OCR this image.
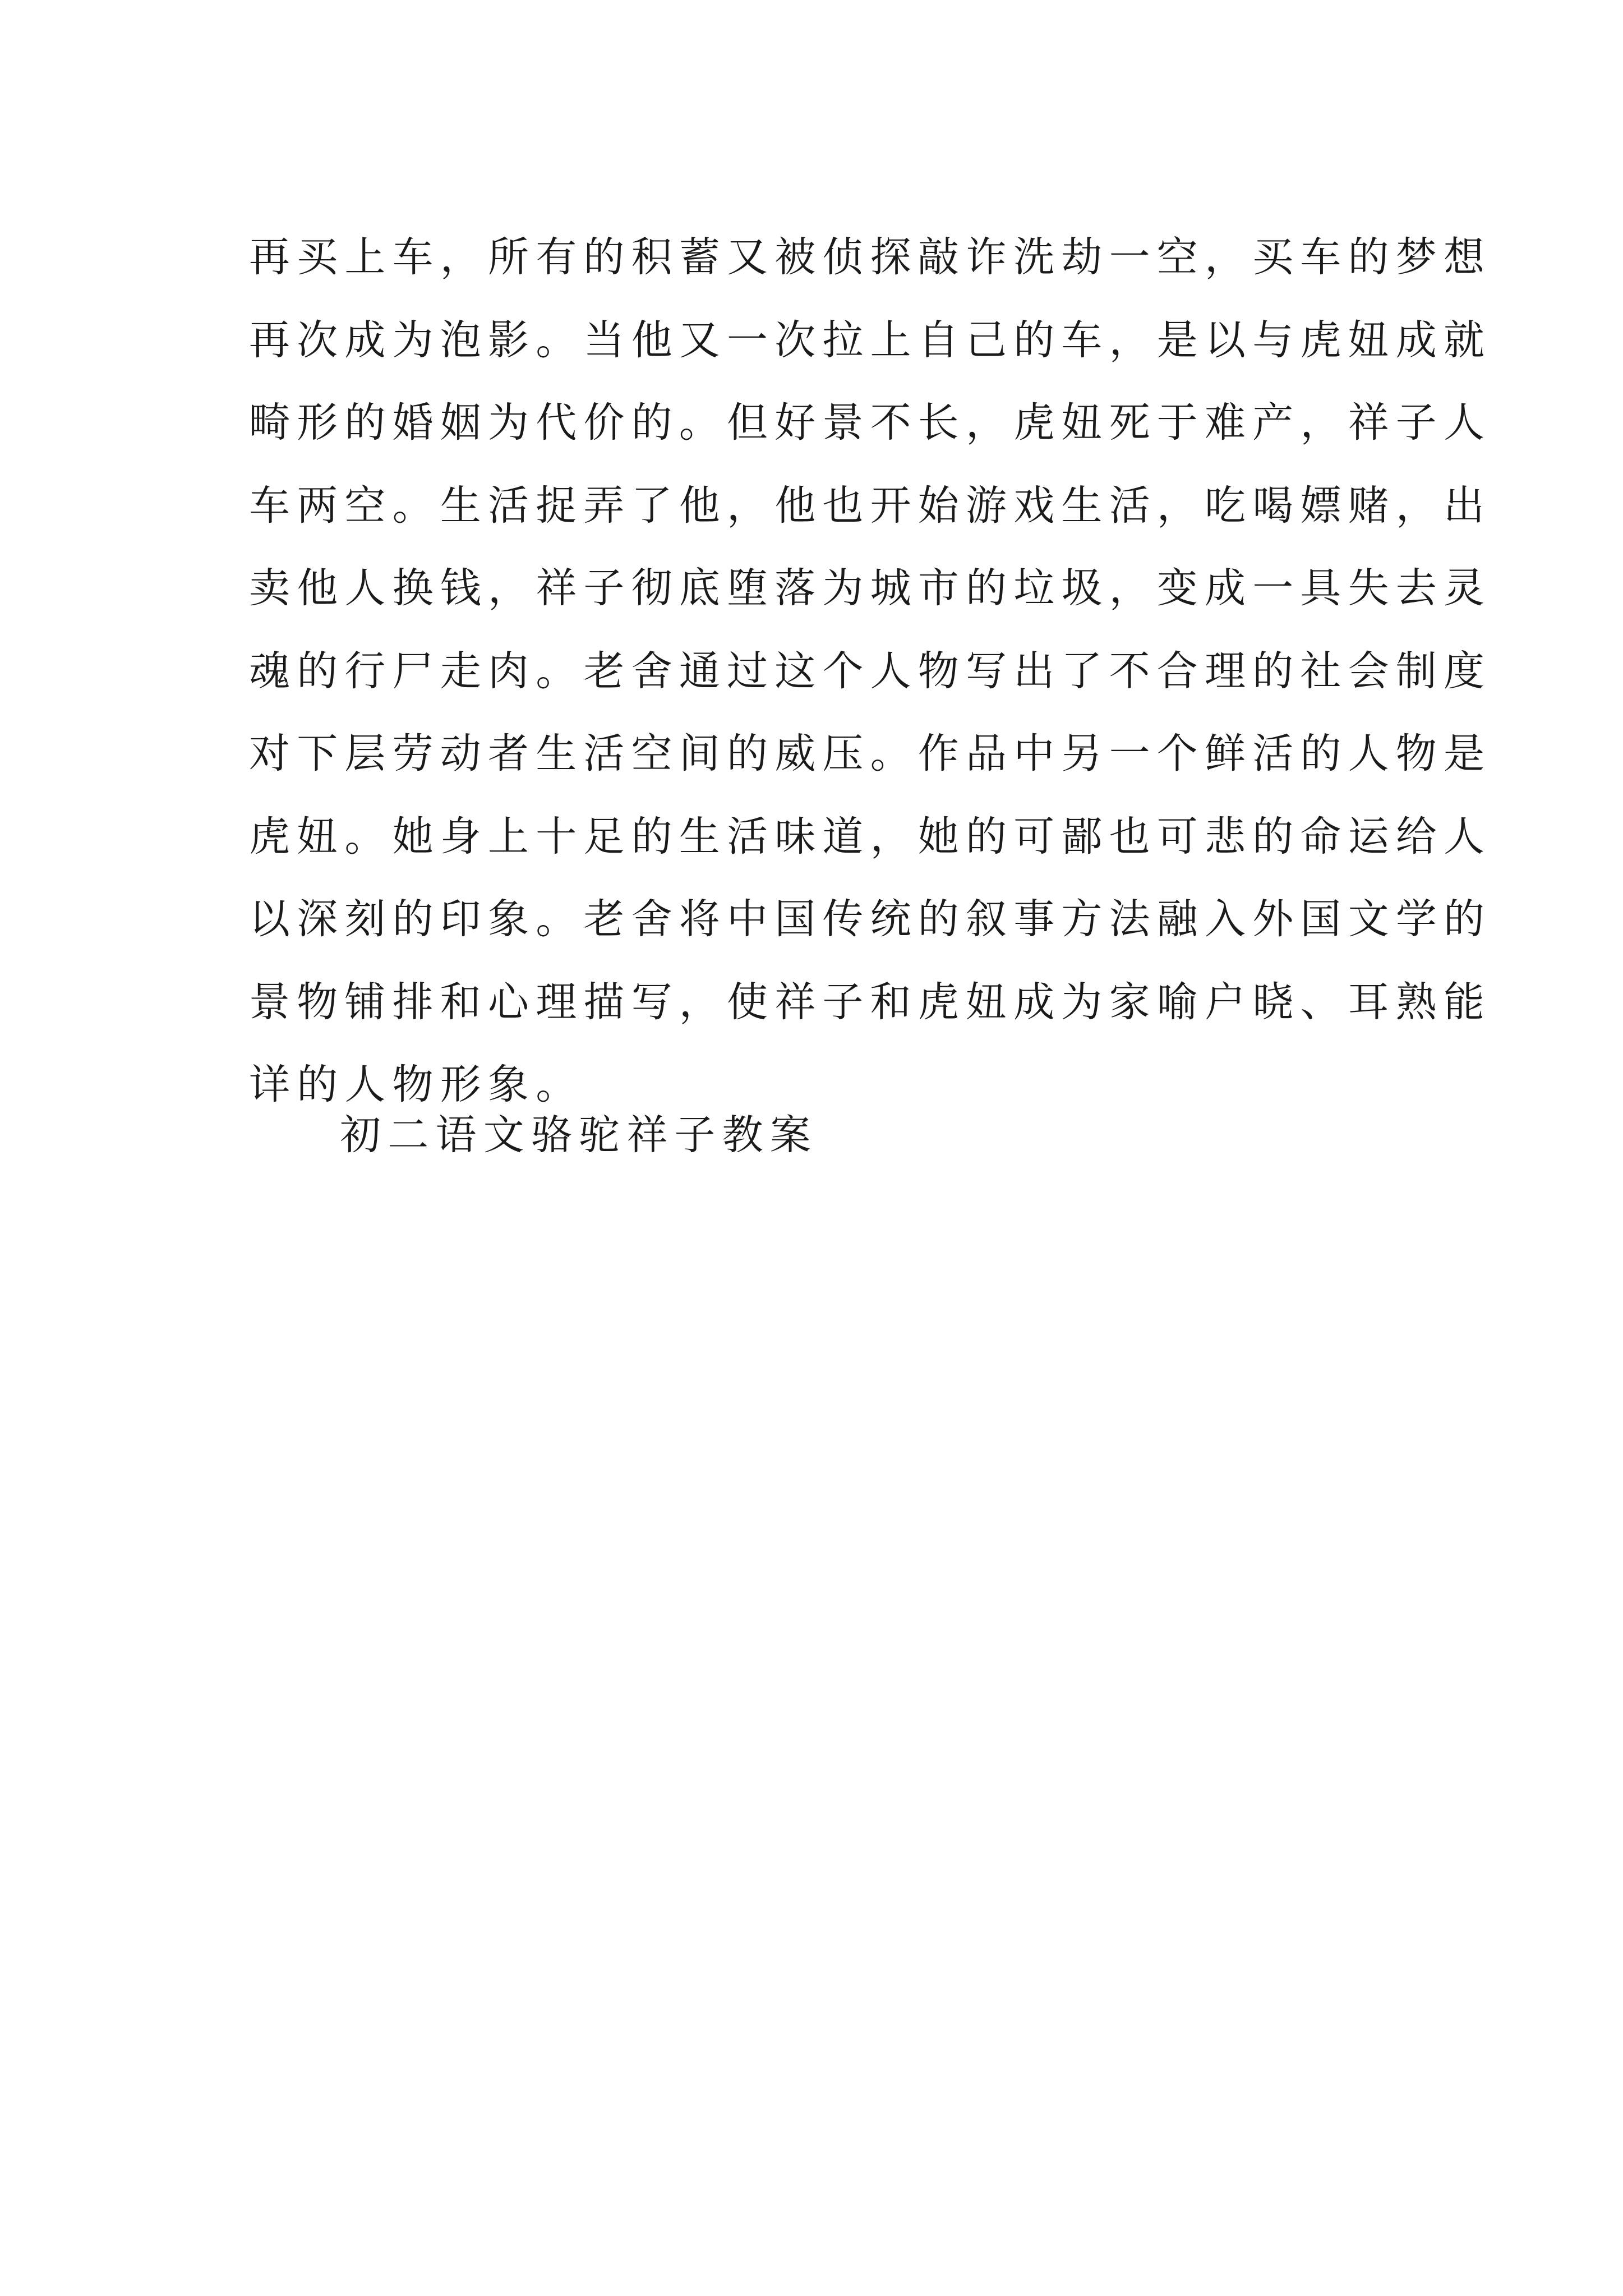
再买上车，所有的积蓄又被侦探敲诈洗劫一空，买车的梦想
再次成为泡影。当他又一次拉上自己的车，是以与虎妞成就
畸形的婚姻为代价的。但好景不长，虎妞死于难产，祥子人
车两空。生活捉弄了他，他也开始游戏生活，吃喝嫖赌，出
卖他人换钱，祥子彻底堕落为城市的垃圾，变成一具失去灵
魂的行尸走肉。老舍通过这个人物写出了不合理的社会制度
对下层劳动者生活空间的威压。作品中另一个鲜活的人物是
虎妞。她身上十足的生活味道，她的可鄙也可悲的命运给人
以深刻的印象。老舍将中国传统的叙事方法融入外国文学的
景物铺排和心理描写，使祥子和虎妞成为家喻户晓、耳熟能
详的人物形象。
初二语文骆驼祥子教案
